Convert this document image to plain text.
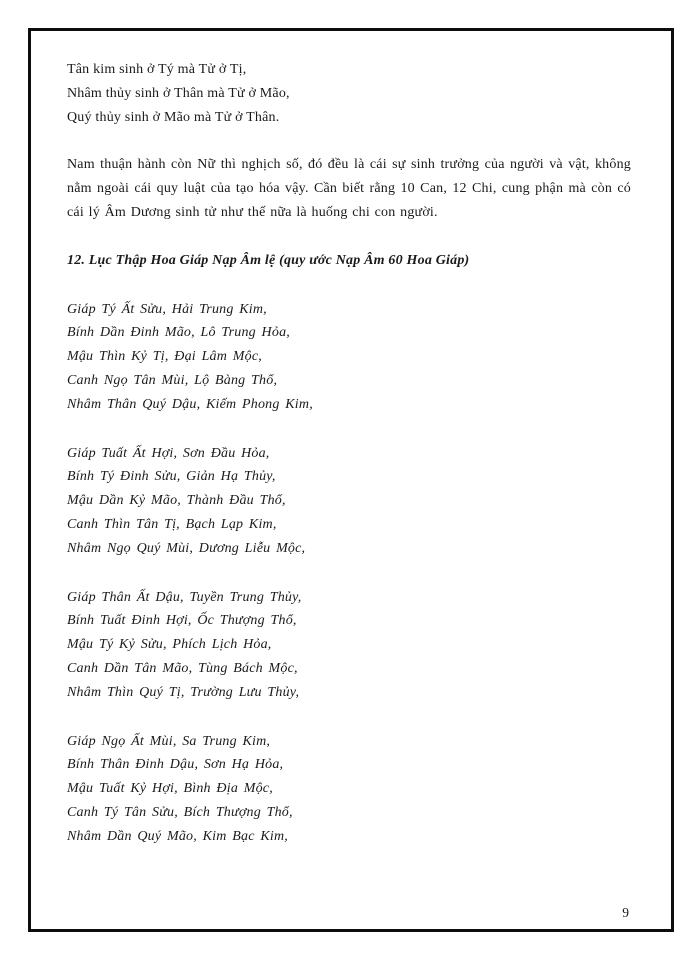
Tân kim sinh ở Tý mà Tử ở Tị,

Nhâm thủy sinh ở Thân mà Tử ở Mão,

Quý thủy sinh ở Mão mà Tử ở Thân.

Nam thuận hành còn Nữ thì nghịch số, đó đều là cái sự sinh trưởng của người và vật, không nằm ngoài cái quy luật của tạo hóa vậy. Cần biết rằng 10 Can, 12 Chi, cung phận mà còn có cái lý Âm Dương sinh tử như thế nữa là huống chi con người.

12. Lục Thập Hoa Giáp Nạp Âm lệ (quy ước Nạp Âm 60 Hoa Giáp)

Giáp Tý Ất Sửu, Hải Trung Kim,

Bính Dần Đinh Mão, Lô Trung Hỏa,

Mậu Thìn Kỷ Tị, Đại Lâm Mộc,

Canh Ngọ Tân Mùi, Lộ Bàng Thổ,

Nhâm Thân Quý Dậu, Kiếm Phong Kim,

Giáp Tuất Ất Hợi, Sơn Đầu Hỏa,

Bính Tý Đinh Sửu, Giản Hạ Thủy,

Mậu Dần Kỷ Mão, Thành Đầu Thổ,

Canh Thìn Tân Tị, Bạch Lạp Kim,

Nhâm Ngọ Quý Mùi, Dương Liễu Mộc,

Giáp Thân Ất Dậu, Tuyền Trung Thủy,

Bính Tuất Đinh Hợi, Ốc Thượng Thổ,

Mậu Tý Kỷ Sửu, Phích Lịch Hỏa,

Canh Dần Tân Mão, Tùng Bách Mộc,

Nhâm Thìn Quý Tị, Trường Lưu Thủy,

Giáp Ngọ Ất Mùi, Sa Trung Kim,

Bính Thân Đinh Dậu, Sơn Hạ Hỏa,

Mậu Tuất Kỷ Hợi, Bình Địa Mộc,

Canh Tý Tân Sửu, Bích Thượng Thổ,

Nhâm Dần Quý Mão, Kim Bạc Kim,

9
